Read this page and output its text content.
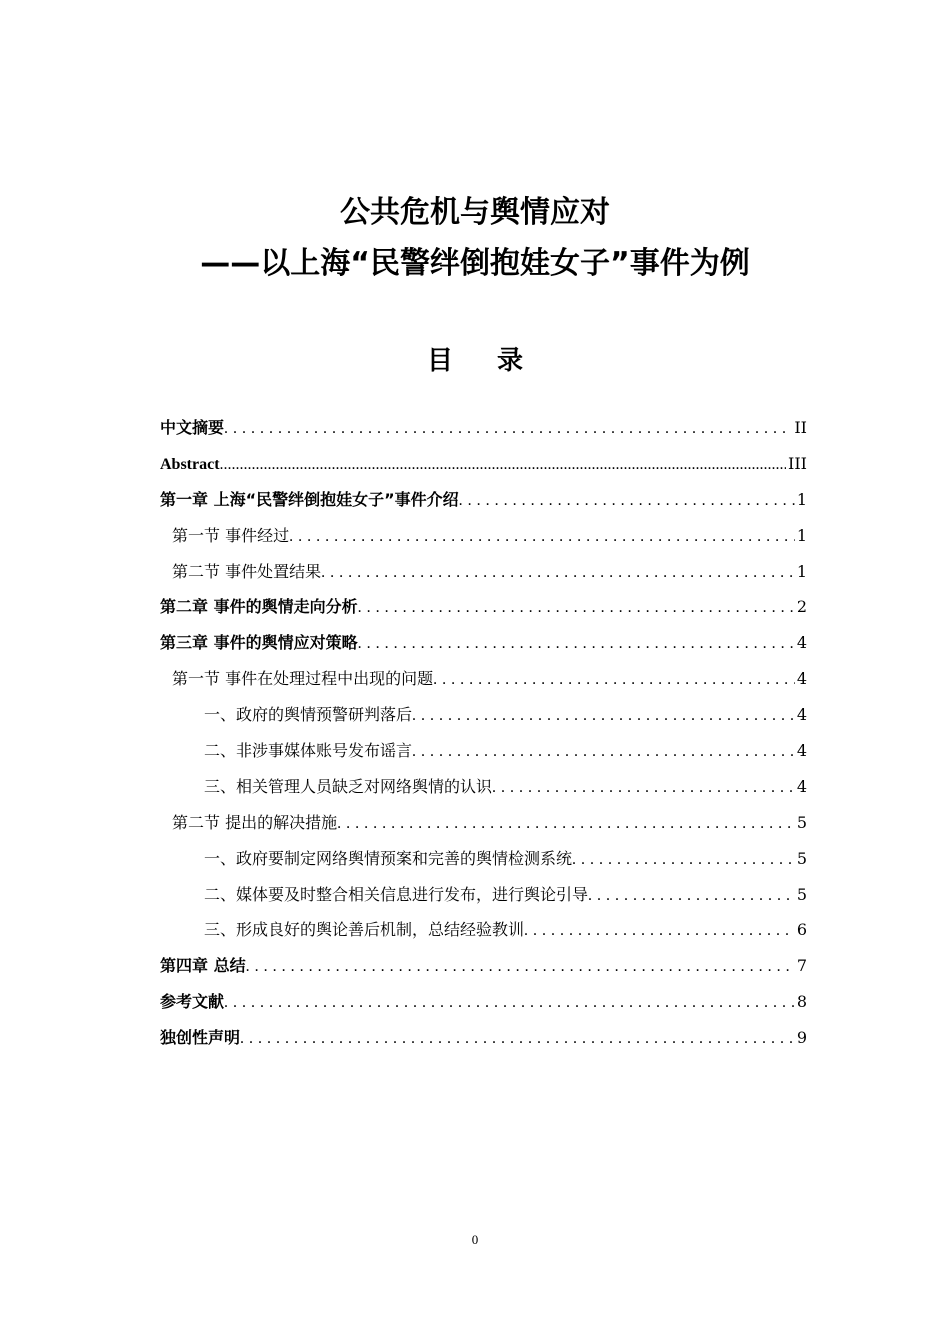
公共危机与舆情应对
——以上海“民警绊倒抱娃女子”事件为例
目录
中文摘要 . . .	II
Abstract .....	III
第一章 上海“民警绊倒抱娃女子”事件介绍 . . .	1
第一节 事件经过 . . .	1
第二节 事件处置结果 . . .	1
第二章 事件的舆情走向分析 . . .	2
第三章 事件的舆情应对策略 . . .	4
第一节 事件在处理过程中出现的问题 . . .	4
一、政府的舆情预警研判落后 . . .	4
二、非涉事媒体账号发布谣言 . . .	4
三、相关管理人员缺乏对网络舆情的认识 . . .	4
第二节 提出的解决措施 . . .	5
一、政府要制定网络舆情预案和完善的舆情检测系统 . . .	5
二、媒体要及时整合相关信息进行发布，进行舆论引导 . . .	5
三、形成良好的舆论善后机制，总结经验教训 . . .	6
第四章 总结 . . .	7
参考文献 . . .	8
独创性声明 . . .	9
0
